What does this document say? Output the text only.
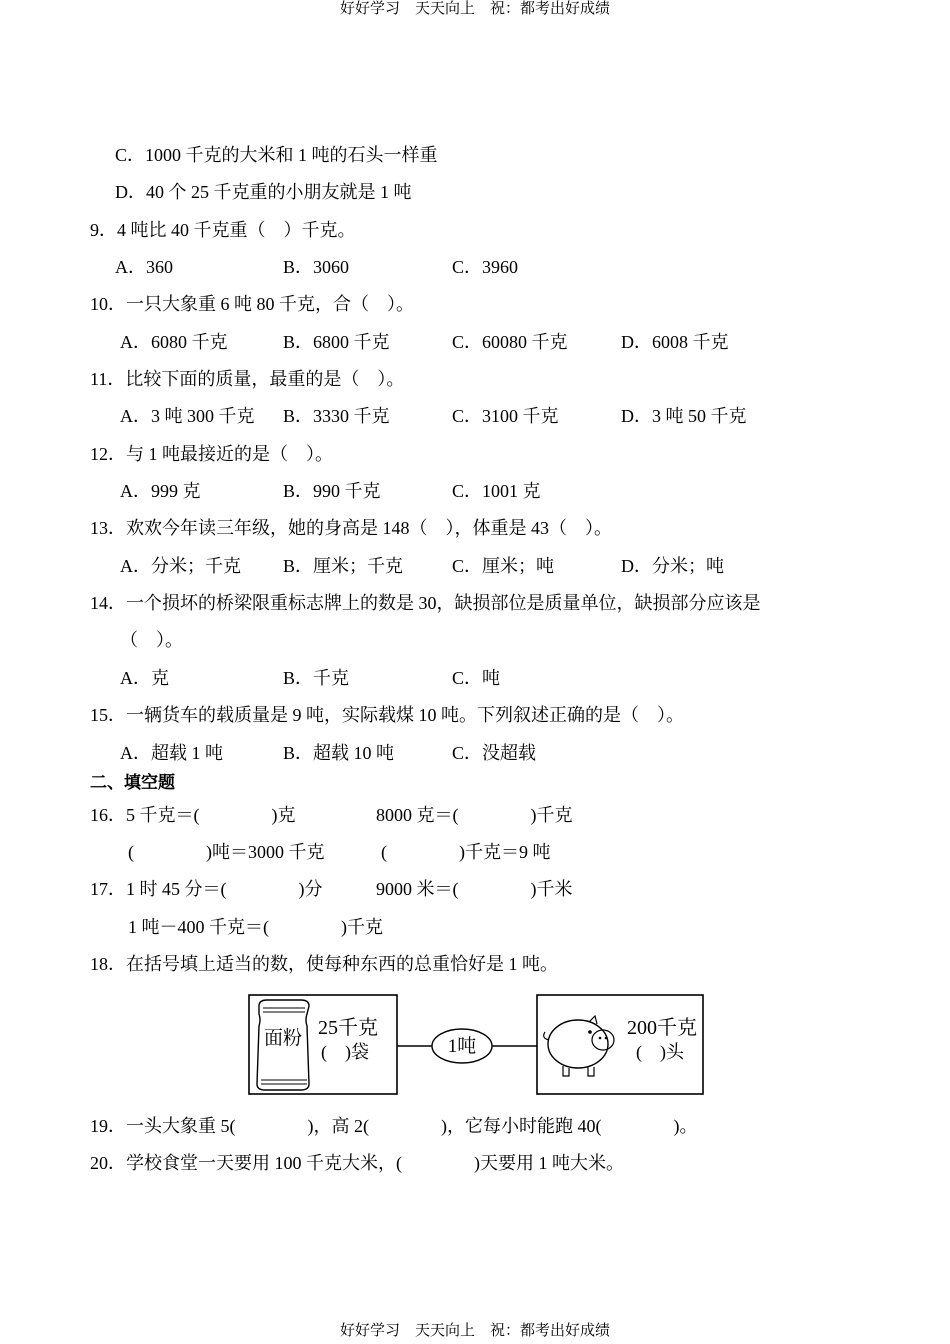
好好学习　天天向上　祝：都考出好成绩
C．1000 千克的大米和 1 吨的石头一样重
D．40 个 25 千克重的小朋友就是 1 吨
9．4 吨比 40 千克重（　）千克。
A．360	B．3060	C．3960
10．一只大象重 6 吨 80 千克，合（　）。
A．6080 千克	B．6800 千克	C．60080 千克	D．6008 千克
11．比较下面的质量，最重的是（　）。
A．3 吨 300 千克 B．3330 千克	C．3100 千克	D．3 吨 50 千克
12．与 1 吨最接近的是（　）。
A．999 克	B．990 千克	C．1001 克
13．欢欢今年读三年级，她的身高是 148（　），体重是 43（　）。
A．分米；千克 B．厘米；千克	C．厘米；吨	D．分米；吨
14．一个损坏的桥梁限重标志牌上的数是 30，缺损部位是质量单位，缺损部分应该是
（　）。
A．克	B．千克	C．吨
15．一辆货车的载质量是 9 吨，实际载煤 10 吨。下列叙述正确的是（　）。
A．超载 1 吨	B．超载 10 吨	C．没超载
二、填空题
16．5 千克＝(　　　　)克	8000 克＝(　　　　)千克
(　　　　)吨＝3000 千克	(　　　　)千克＝9 吨
17．1 时 45 分＝(　　　　)分	9000 米＝(　　　　)千米
1 吨－400 千克＝(　　　　)千克
18．在括号填上适当的数，使每种东西的总重恰好是 1 吨。
面粉 25千克
(　)袋	1吨
200千克
(　)头
19．一头大象重 5(　　　　)，高 2(　　　　)，它每小时能跑 40(　　　　)。
20．学校食堂一天要用 100 千克大米，(　　　　)天要用 1 吨大米。
好好学习　天天向上　祝：都考出好成绩
